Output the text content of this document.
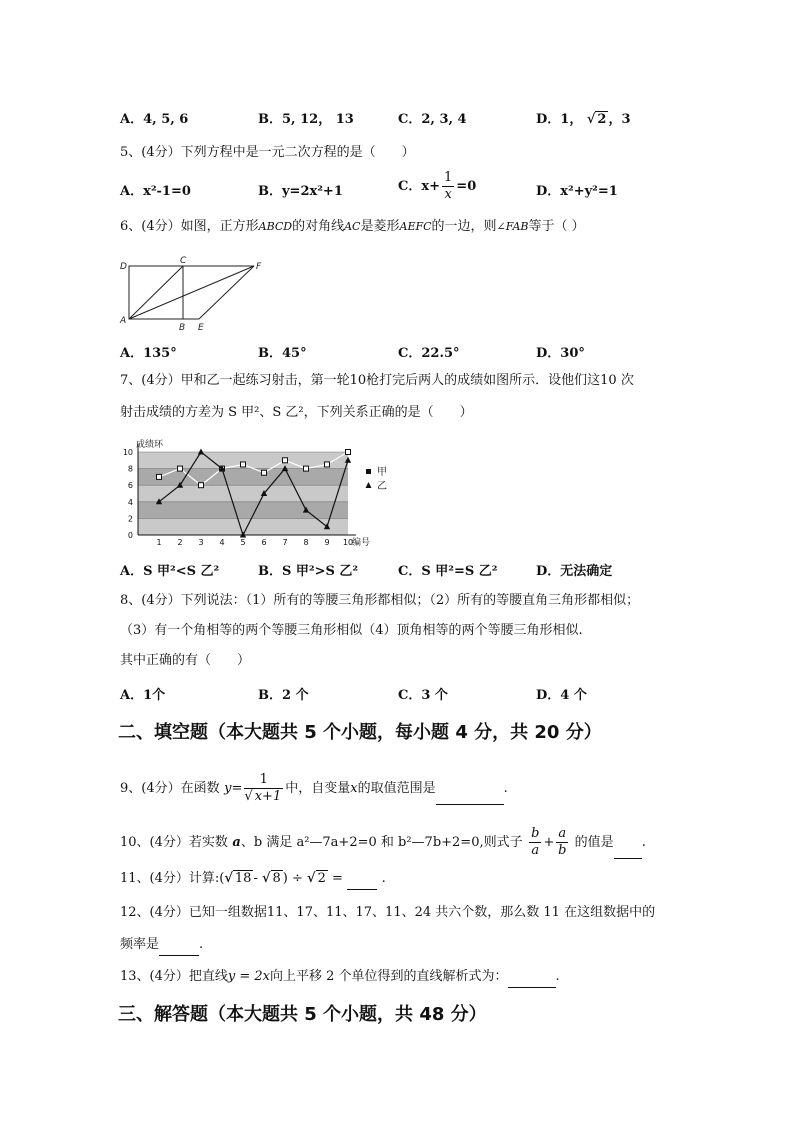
A．4, 5, 6	B．5, 12， 13	C．2, 3, 4	D．1， √ 2 ，3
5、(4分）下列方程中是一元二次方程的是（　　）
A．x²-1=0	B．y=2x²+1	C．$x+ \frac{1}{x} =0$	D．x²+y²=1
6、(4分）如图，正方形ABCD的对角线AC是菱形AEFC的一边，则∠FAB等于（ ）
D
C
F
A
B E
A．135°	B．45°	C．22.5°	D．30°
7、(4分）甲和乙一起练习射击，第一轮10枪打完后两人的成绩如图所示．设他们这10 次
射击成绩的方差为 S 甲²、S 乙²，下列关系正确的是（　　）
0
2
4
6
8
10
1 2 3 4 5 6 7 8 9 10
成绩环
编号
甲
乙
A．S 甲²<S 乙²	B．S 甲²>S 乙²	C．S 甲²=S 乙²	D．无法确定
8、(4分）下列说法：（1）所有的等腰三角形都相似；（2）所有的等腰直角三角形都相似；
（3）有一个角相等的两个等腰三角形相似（4）顶角相等的两个等腰三角形相似.
其中正确的有（　　）
A．1个	B．2 个	C．3 个	D．4 个
二、填空题（本大题共 5 个小题，每小题 4 分，共 20 分）
9、(4分）在函数 $y= \frac{1}{√ x+1}$ 中，自变量x的取值范围是	.
10、(4分）若实数 a、b 满足 a²—7a+2=0 和 b²—7b+2=0,则式子 $\frac{b}{a} + \frac{a}{b}$ 的值是 .
11、(4分）计算:(√ 18 - √ 8 ) ÷ √ 2 =	.
12、(4分）已知一组数据11、17、11、17、11、24 共六个数，那么数 11 在这组数据中的
频率是	.
13、(4分）把直线y = 2x向上平移 2 个单位得到的直线解析式为：	.
三、解答题（本大题共 5 个小题，共 48 分）
